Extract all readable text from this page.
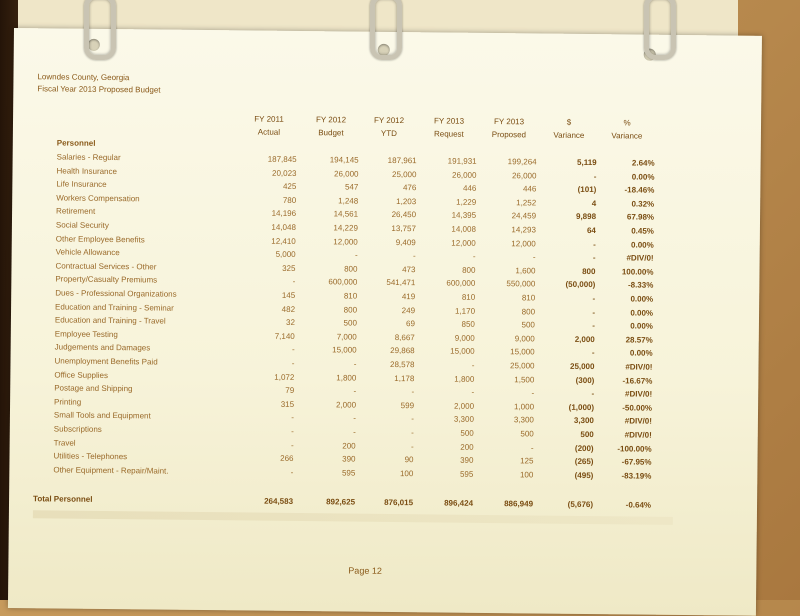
Lowndes County, Georgia
Fiscal Year 2013 Proposed Budget
FY 2011
Actual
FY 2012
Budget
FY 2012
YTD
FY 2013
Request
FY 2013
Proposed
$
Variance
%
Variance
Personnel
Salaries - Regular	187,845	194,145	187,961	191,931	199,264	5,119	2.64%
Health Insurance	20,023	26,000	25,000	26,000	26,000	-	0.00%
Life Insurance	425	547	476	446	446	(101)	-18.46%
Workers Compensation	780	1,248	1,203	1,229	1,252	4	0.32%
Retirement	14,196	14,561	26,450	14,395	24,459	9,898	67.98%
Social Security	14,048	14,229	13,757	14,008	14,293	64	0.45%
Other Employee Benefits	12,410	12,000	9,409	12,000	12,000	-	0.00%
Vehicle Allowance	5,000	-	-	-	-	-	#DIV/0!
Contractual Services - Other	325	800	473	800	1,600	800	100.00%
Property/Casualty Premiums	-	600,000	541,471	600,000	550,000	(50,000)	-8.33%
Dues - Professional Organizations	145	810	419	810	810	-	0.00%
Education and Training - Seminar	482	800	249	1,170	800	-	0.00%
Education and Training - Travel	32	500	69	850	500	-	0.00%
Employee Testing	7,140	7,000	8,667	9,000	9,000	2,000	28.57%
Judgements and Damages	-	15,000	29,868	15,000	15,000	-	0.00%
Unemployment Benefits Paid	-	-	28,578	-	25,000	25,000	#DIV/0!
Office Supplies	1,072	1,800	1,178	1,800	1,500	(300)	-16.67%
Postage and Shipping	79	-	-	-	-	-	#DIV/0!
Printing	315	2,000	599	2,000	1,000	(1,000)	-50.00%
Small Tools and Equipment	-	-	-	3,300	3,300	3,300	#DIV/0!
Subscriptions	-	-	-	500	500	500	#DIV/0!
Travel	-	200	-	200	-	(200)	-100.00%
Utilities - Telephones	266	390	90	390	125	(265)	-67.95%
Other Equipment - Repair/Maint.	-	595	100	595	100	(495)	-83.19%
Total Personnel	264,583	892,625	876,015	896,424	886,949	(5,676)	-0.64%
Page 12
